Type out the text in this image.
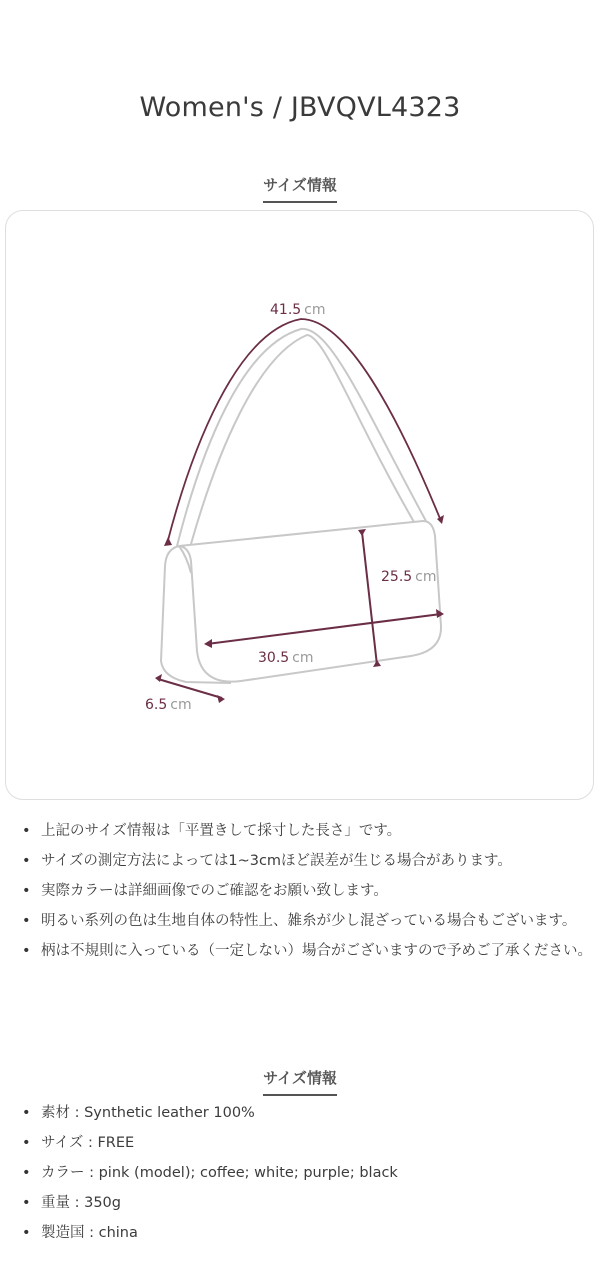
Women's / JBVQVL4323
サイズ情報
41.5 cm
25.5 cm
30.5 cm
6.5 cm
• 上記のサイズ情報は「平置きして採寸した長さ」です。
• サイズの測定方法によっては1~3cmほど誤差が生じる場合があります。
• 実際カラーは詳細画像でのご確認をお願い致します。
• 明るい系列の色は生地自体の特性上、雑糸が少し混ざっている場合もございます。
• 柄は不規則に入っている（一定しない）場合がございますので予めご了承ください。
サイズ情報
• 素材 : Synthetic leather 100%
• サイズ : FREE
• カラー : pink (model); coffee; white; purple; black
• 重量 : 350g
• 製造国 : china
